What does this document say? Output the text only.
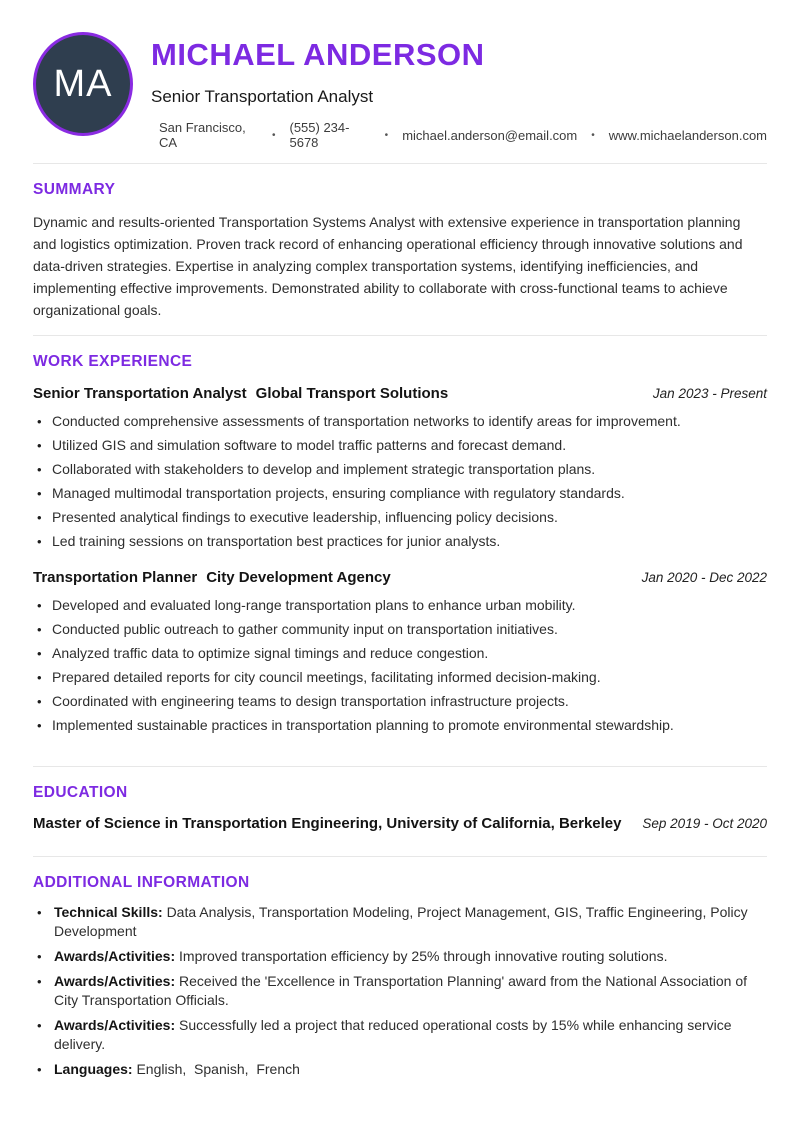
MA
MICHAEL ANDERSON
Senior Transportation Analyst
San Francisco, CA	• (555) 234-5678	• michael.anderson@email.com • www.michaelanderson.com
SUMMARY

Dynamic and results-oriented Transportation Systems Analyst with extensive experience in transportation planning and logistics optimization. Proven track record of enhancing operational efficiency through innovative solutions and data-driven strategies. Expertise in analyzing complex transportation systems, identifying inefficiencies, and implementing effective improvements. Demonstrated ability to collaborate with cross-functional teams to achieve organizational goals.

WORK EXPERIENCE
Senior Transportation Analyst Global Transport Solutions	Jan 2023 - Present
• Conducted comprehensive assessments of transportation networks to identify areas for improvement.
• Utilized GIS and simulation software to model traffic patterns and forecast demand.
• Collaborated with stakeholders to develop and implement strategic transportation plans.
• Managed multimodal transportation projects, ensuring compliance with regulatory standards.
• Presented analytical findings to executive leadership, influencing policy decisions.
• Led training sessions on transportation best practices for junior analysts.
Transportation Planner City Development Agency	Jan 2020 - Dec 2022
• Developed and evaluated long-range transportation plans to enhance urban mobility.
• Conducted public outreach to gather community input on transportation initiatives.
• Analyzed traffic data to optimize signal timings and reduce congestion.
• Prepared detailed reports for city council meetings, facilitating informed decision-making.
• Coordinated with engineering teams to design transportation infrastructure projects.
• Implemented sustainable practices in transportation planning to promote environmental stewardship.
EDUCATION
Master of Science in Transportation Engineering, University of California, Berkeley Sep 2019 - Oct 2020
ADDITIONAL INFORMATION
• Technical Skills: Data Analysis, Transportation Modeling, Project Management, GIS, Traffic Engineering, Policy Development
• Awards/Activities: Improved transportation efficiency by 25% through innovative routing solutions.
• Awards/Activities: Received the 'Excellence in Transportation Planning' award from the National Association of City Transportation Officials.
• Awards/Activities: Successfully led a project that reduced operational costs by 15% while enhancing service delivery.
• Languages: English,  Spanish,  French
